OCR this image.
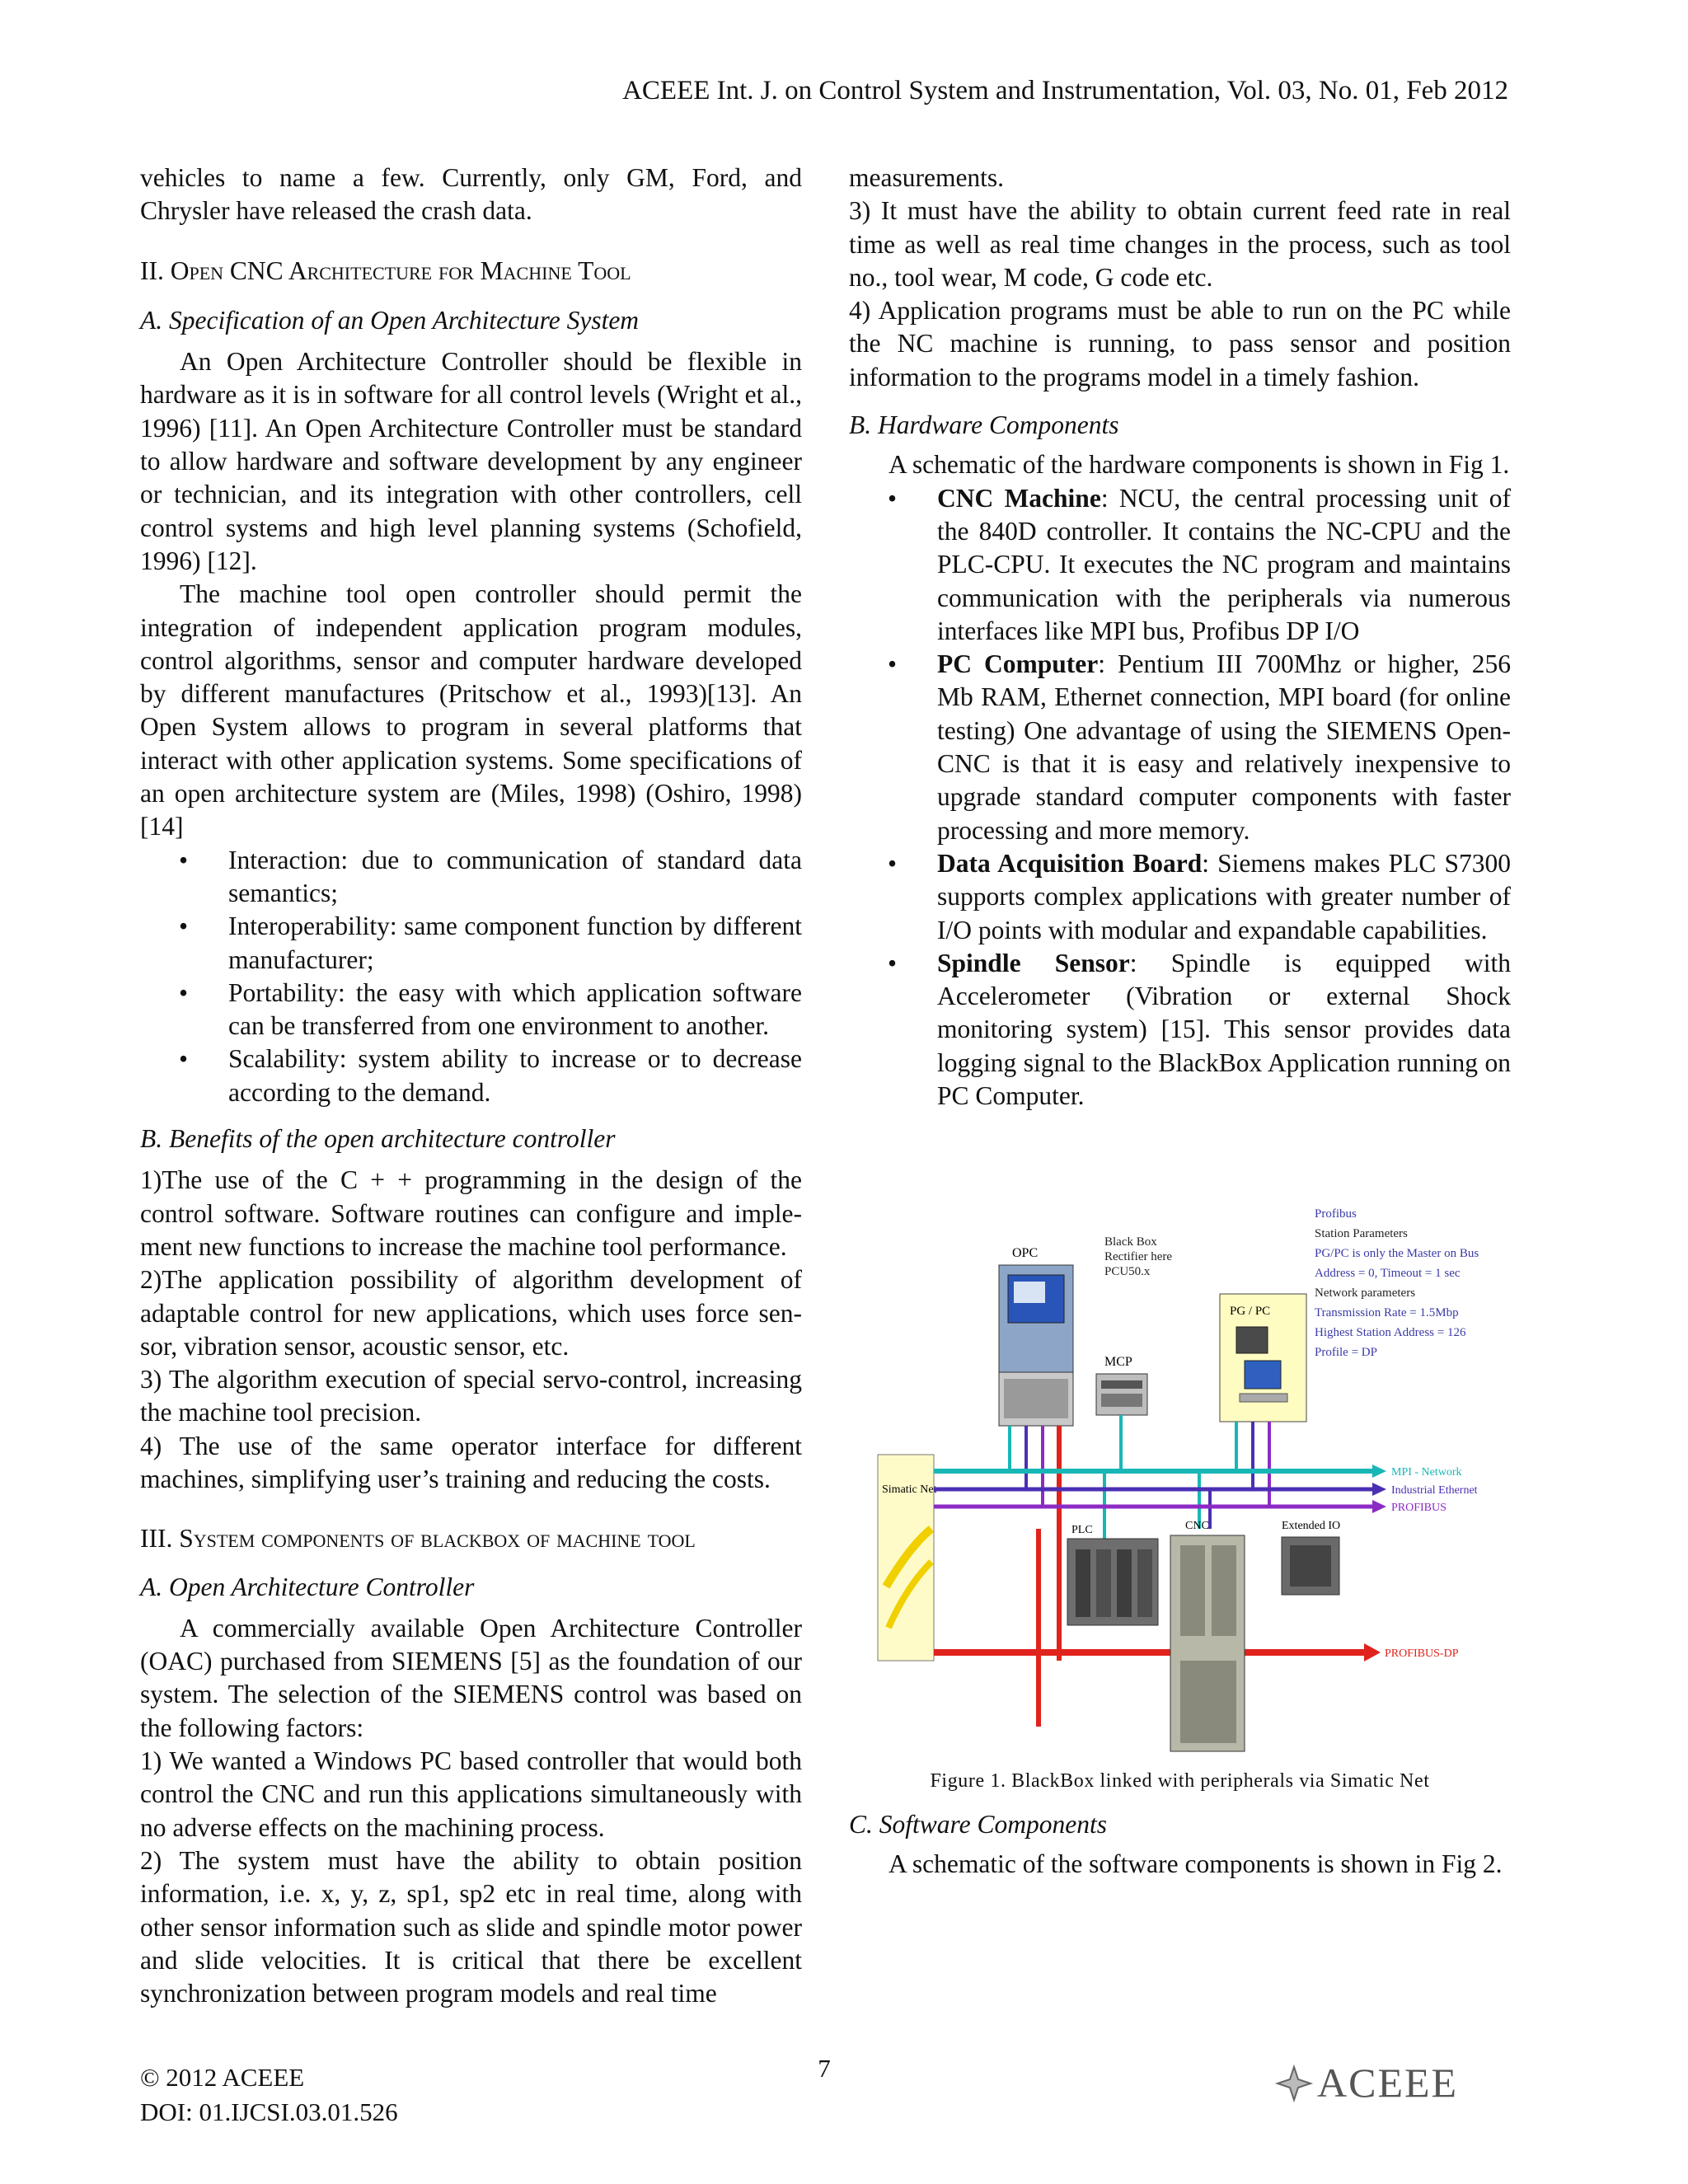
ACEEE Int. J. on Control System and Instrumentation, Vol. 03, No. 01, Feb 2012

vehicles to name a few. Currently, only GM, Ford, and Chrysler have released the crash data.

II. Open CNC Architecture for Machine Tool

A. Specification of an Open Architecture System

An Open Architecture Controller should be flexible in hardware as it is in software for all control levels (Wright et al., 1996) [11]. An Open Architecture Controller must be standard to allow hardware and software development by any engineer or technician, and its integration with other controllers, cell control systems and high level planning systems (Schofield, 1996) [12].

The machine tool open controller should permit the integration of independent application program modules, control algorithms, sensor and computer hardware developed by different manufactures (Pritschow et al., 1993)[13]. An Open System allows to program in several platforms that interact with other application systems. Some specifications of an open architecture system are (Miles, 1998) (Oshiro, 1998) [14]

• Interaction: due to communication of standard data semantics;
• Interoperability: same component function by different manufacturer;
• Portability: the easy with which application software can be transferred from one environment to another.
• Scalability: system ability to increase or to decrease according to the demand.

B. Benefits of the open architecture controller

1)The use of the C + + programming in the design of the control software. Software routines can configure and imple-ment new functions to increase the machine tool performance.

2)The application possibility of algorithm development of adaptable control for new applications, which uses force sen-sor, vibration sensor, acoustic sensor, etc.

3) The algorithm execution of special servo-control, increasing the machine tool precision.

4) The use of the same operator interface for different machines, simplifying user’s training and reducing the costs.

III. System components of blackbox of machine tool

A. Open Architecture Controller

A commercially available Open Architecture Controller (OAC) purchased from SIEMENS [5] as the foundation of our system. The selection of the SIEMENS control was based on the following factors:

1) We wanted a Windows PC based controller that would both control the CNC and run this applications simultaneously with no adverse effects on the machining process.

2) The system must have the ability to obtain position information, i.e. x, y, z, sp1, sp2 etc in real time, along with other sensor information such as slide and spindle motor power and slide velocities. It is critical that there be excellent synchronization between program models and real time

measurements.

3) It must have the ability to obtain current feed rate in real time as well as real time changes in the process, such as tool no., tool wear, M code, G code etc.

4) Application programs must be able to run on the PC while the NC machine is running, to pass sensor and position information to the programs model in a timely fashion.

B. Hardware Components

A schematic of the hardware components is shown in Fig 1.

• CNC Machine: NCU, the central processing unit of the 840D controller. It contains the NC-CPU and the PLC-CPU. It executes the NC program and maintains communication with the peripherals via numerous interfaces like MPI bus, Profibus DP I/O
• PC Computer: Pentium III 700Mhz or higher, 256 Mb RAM, Ethernet connection, MPI board (for online testing) One advantage of using the SIEMENS Open-CNC is that it is easy and relatively inexpensive to upgrade standard computer components with faster processing and more memory.
• Data Acquisition Board: Siemens makes PLC S7300 supports complex applications with greater number of I/O points with modular and expandable capabilities.
• Spindle Sensor: Spindle is equipped with Accelerometer (Vibration or external Shock monitoring system) [15]. This sensor provides data logging signal to the BlackBox Application running on PC Computer.
Profibus
Station Parameters
PG/PC is only the Master on Bus
Address = 0, Timeout = 1 sec
Network parameters
Transmission Rate = 1.5Mbp
Highest Station Address = 126
Profile = DP
OPC
Black Box
Rectifier here
PCU50.x
MCP
PG / PC
Simatic Net
MPI - Network
Industrial Ethernet
PROFIBUS
PROFIBUS-DP
PLC	CNC	Extended IO
Figure 1. BlackBox linked with peripherals via Simatic Net

C. Software Components

A schematic of the software components is shown in Fig 2.

© 2012 ACEEE
DOI: 01.IJCSI.03.01.526
7	ACEEE
